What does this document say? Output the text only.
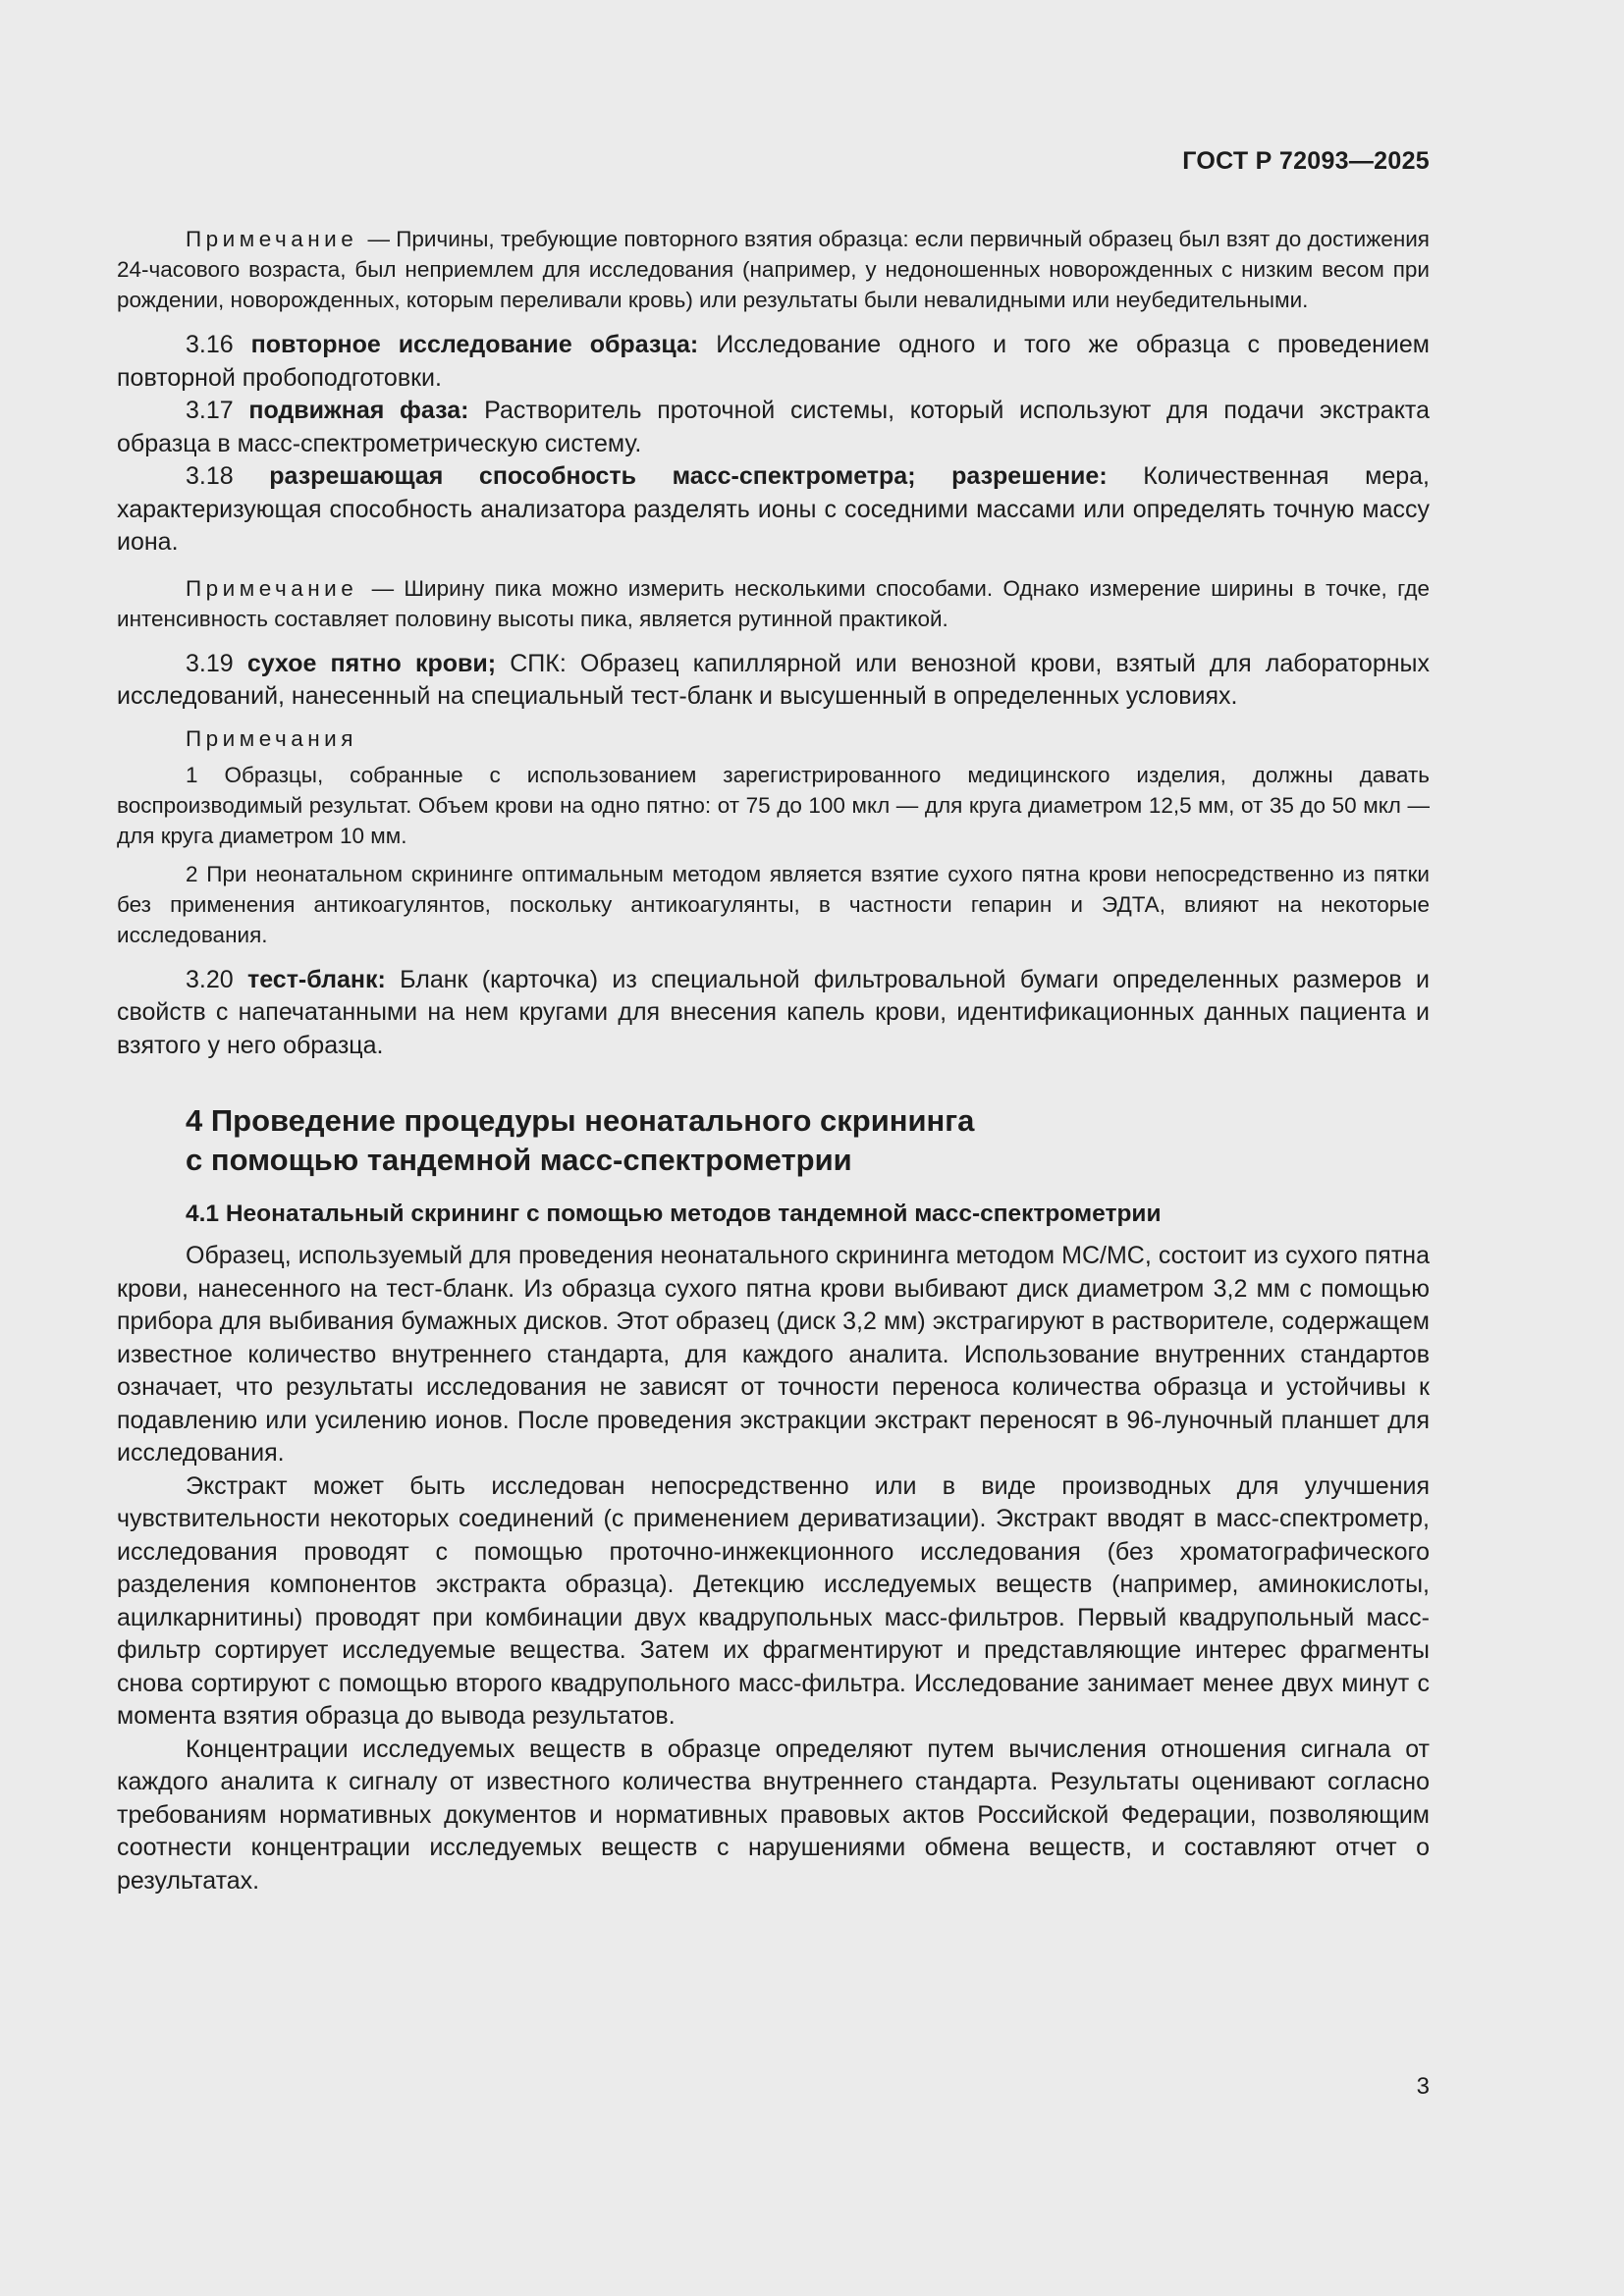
ГОСТ Р 72093—2025

Примечание — Причины, требующие повторного взятия образца: если первичный образец был взят до достижения 24-часового возраста, был неприемлем для исследования (например, у недоношенных новорожденных с низким весом при рождении, новорожденных, которым переливали кровь) или результаты были невалидными или неубедительными.

3.16 повторное исследование образца: Исследование одного и того же образца с проведением повторной пробоподготовки.

3.17 подвижная фаза: Растворитель проточной системы, который используют для подачи экстракта образца в масс-спектрометрическую систему.

3.18 разрешающая способность масс-спектрометра; разрешение: Количественная мера, характеризующая способность анализатора разделять ионы с соседними массами или определять точную массу иона.

Примечание — Ширину пика можно измерить несколькими способами. Однако измерение ширины в точке, где интенсивность составляет половину высоты пика, является рутинной практикой.

3.19 сухое пятно крови; СПК: Образец капиллярной или венозной крови, взятый для лабораторных исследований, нанесенный на специальный тест-бланк и высушенный в определенных условиях.

Примечания

1 Образцы, собранные с использованием зарегистрированного медицинского изделия, должны давать воспроизводимый результат. Объем крови на одно пятно: от 75 до 100 мкл — для круга диаметром 12,5 мм, от 35 до 50 мкл — для круга диаметром 10 мм.

2 При неонатальном скрининге оптимальным методом является взятие сухого пятна крови непосредственно из пятки без применения антикоагулянтов, поскольку антикоагулянты, в частности гепарин и ЭДТА, влияют на некоторые исследования.

3.20 тест-бланк: Бланк (карточка) из специальной фильтровальной бумаги определенных размеров и свойств с напечатанными на нем кругами для внесения капель крови, идентификационных данных пациента и взятого у него образца.

4 Проведение процедуры неонатального скрининга
с помощью тандемной масс-спектрометрии
4.1 Неонатальный скрининг с помощью методов тандемной масс-спектрометрии

Образец, используемый для проведения неонатального скрининга методом МС/МС, состоит из сухого пятна крови, нанесенного на тест-бланк. Из образца сухого пятна крови выбивают диск диаметром 3,2 мм с помощью прибора для выбивания бумажных дисков. Этот образец (диск 3,2 мм) экстрагируют в растворителе, содержащем известное количество внутреннего стандарта, для каждого аналита. Использование внутренних стандартов означает, что результаты исследования не зависят от точности переноса количества образца и устойчивы к подавлению или усилению ионов. После проведения экстракции экстракт переносят в 96-луночный планшет для исследования.

Экстракт может быть исследован непосредственно или в виде производных для улучшения чувствительности некоторых соединений (с применением дериватизации). Экстракт вводят в масс-спектрометр, исследования проводят с помощью проточно-инжекционного исследования (без хроматографического разделения компонентов экстракта образца). Детекцию исследуемых веществ (например, аминокислоты, ацилкарнитины) проводят при комбинации двух квадрупольных масс-фильтров. Первый квадрупольный масс-фильтр сортирует исследуемые вещества. Затем их фрагментируют и представляющие интерес фрагменты снова сортируют с помощью второго квадрупольного масс-фильтра. Исследование занимает менее двух минут с момента взятия образца до вывода результатов.

Концентрации исследуемых веществ в образце определяют путем вычисления отношения сигнала от каждого аналита к сигналу от известного количества внутреннего стандарта. Результаты оценивают согласно требованиям нормативных документов и нормативных правовых актов Российской Федерации, позволяющим соотнести концентрации исследуемых веществ с нарушениями обмена веществ, и составляют отчет о результатах.

3
